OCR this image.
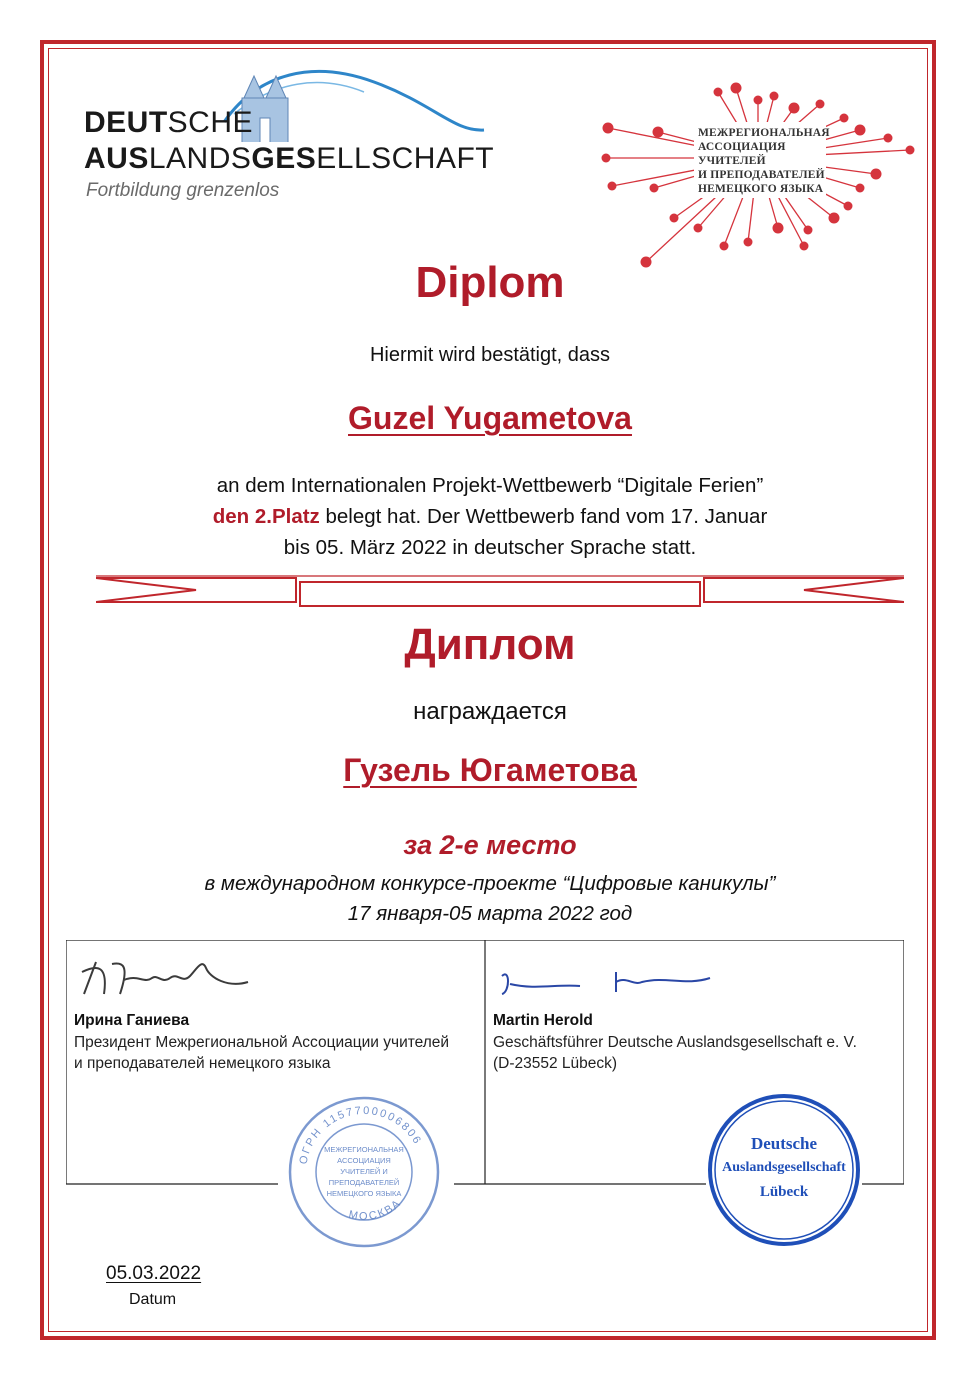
DEUTSCHE
AUSLANDSGESELLSCHAFT
Fortbildung grenzenlos
МЕЖРЕГИОНАЛЬНАЯ
АССОЦИАЦИЯ
УЧИТЕЛЕЙ
И ПРЕПОДАВАТЕЛЕЙ
НЕМЕЦКОГО ЯЗЫКА
Diplom
Hiermit wird bestätigt, dass
Guzel Yugametova
an dem Internationalen Projekt-Wettbewerb “Digitale Ferien”
den 2.Platz belegt hat. Der Wettbewerb fand vom 17. Januar
bis 05. März 2022 in deutscher Sprache statt.
Диплом
награждается
Гузель Югаметова
за 2-е место
в международном конкурсе-проекте “Цифровые каникулы”
17 января-05 марта 2022 год
Ирина Ганиева
Президент Межрегиональной Ассоциации учителей
и преподавателей немецкого языка
ОГРН 1157700006806
МОСКВА
МЕЖРЕГИОНАЛЬНАЯ
АССОЦИАЦИЯ
УЧИТЕЛЕЙ И ПРЕПОДАВАТЕЛЕЙ
НЕМЕЦКОГО ЯЗЫКА
Martin Herold
Geschäftsführer Deutsche Auslandsgesellschaft e. V.
(D-23552 Lübeck)
Deutsche
Auslandsgesellschaft
Lübeck
05.03.2022
Datum
